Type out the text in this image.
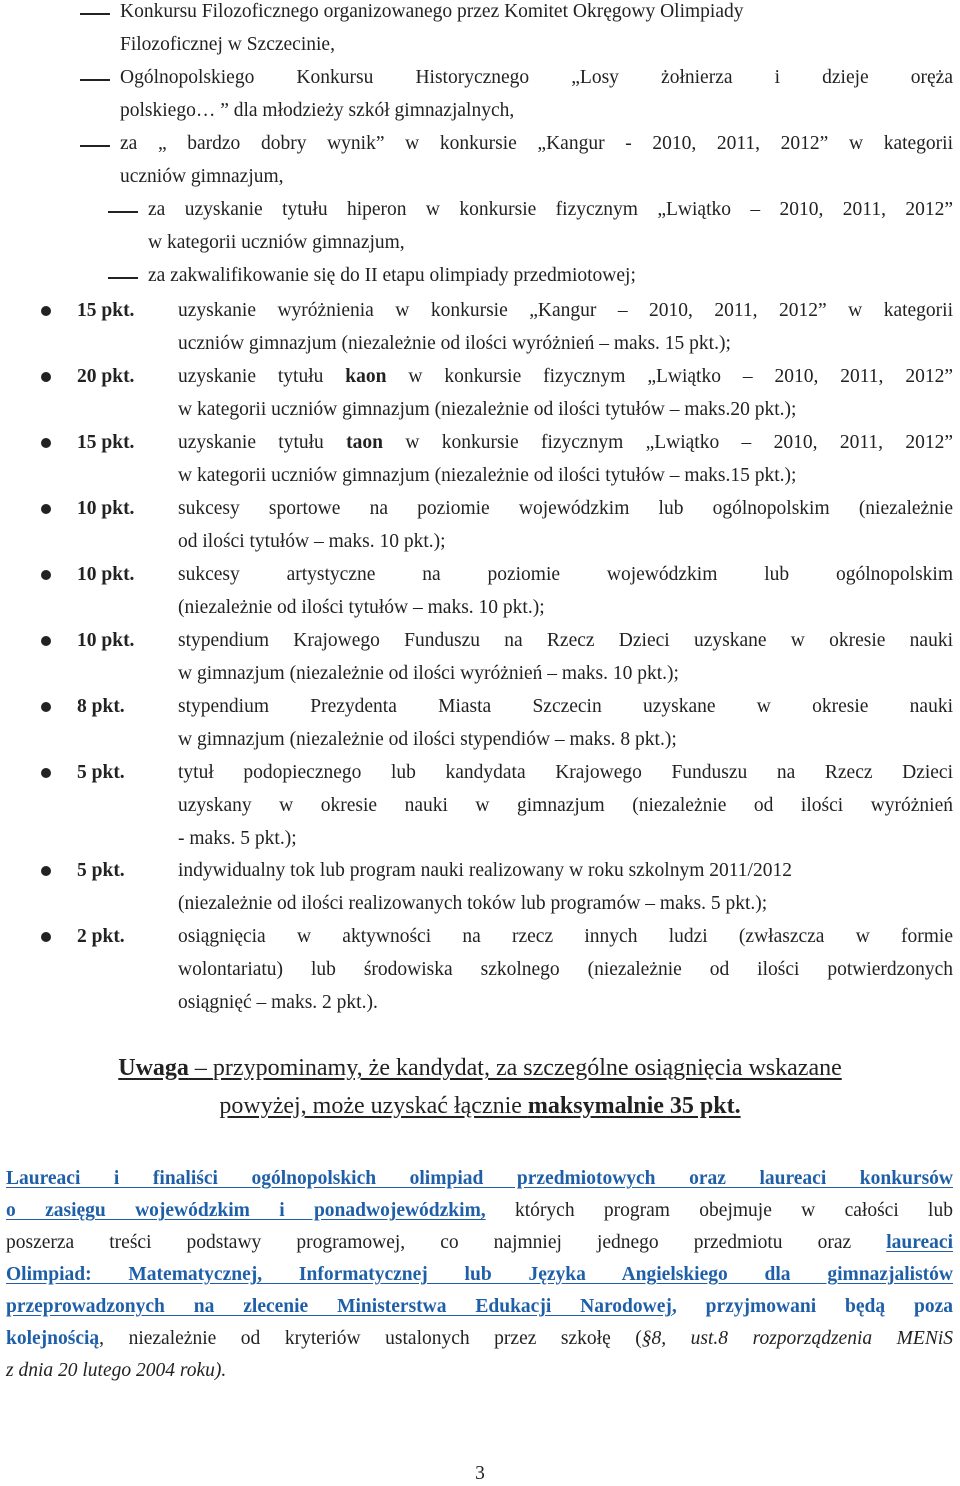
Konkursu Filozoficznego organizowanego przez Komitet Okręgowy Olimpiady
Filozoficznej w Szczecinie,
Ogólnopolskiego Konkursu Historycznego „Losy żołnierza i dzieje oręża
polskiego… ” dla młodzieży szkół gimnazjalnych,
za „ bardzo dobry wynik” w konkursie „Kangur - 2010, 2011, 2012” w kategorii
uczniów gimnazjum,
za uzyskanie tytułu hiperon w konkursie fizycznym „Lwiątko – 2010, 2011, 2012”
w kategorii uczniów gimnazjum,
za zakwalifikowanie się do II etapu olimpiady przedmiotowej;
15 pkt. uzyskanie wyróżnienia w konkursie „Kangur – 2010, 2011, 2012” w kategorii
uczniów gimnazjum (niezależnie od ilości wyróżnień – maks. 15 pkt.);
20 pkt. uzyskanie tytułu kaon w konkursie fizycznym „Lwiątko – 2010, 2011, 2012”
w kategorii uczniów gimnazjum (niezależnie od ilości tytułów – maks.20 pkt.);
15 pkt. uzyskanie tytułu taon w konkursie fizycznym „Lwiątko – 2010, 2011, 2012”
w kategorii uczniów gimnazjum (niezależnie od ilości tytułów – maks.15 pkt.);
10 pkt. sukcesy sportowe na poziomie wojewódzkim lub ogólnopolskim (niezależnie
od ilości tytułów – maks. 10 pkt.);
10 pkt. sukcesy artystyczne na poziomie wojewódzkim lub ogólnopolskim
(niezależnie od ilości tytułów – maks. 10 pkt.);
10 pkt. stypendium Krajowego Funduszu na Rzecz Dzieci uzyskane w okresie nauki
w gimnazjum (niezależnie od ilości wyróżnień – maks. 10 pkt.);
8 pkt.	stypendium Prezydenta Miasta Szczecin uzyskane w okresie nauki
w gimnazjum (niezależnie od ilości stypendiów – maks. 8 pkt.);
5 pkt.	tytuł podopiecznego lub kandydata Krajowego Funduszu na Rzecz Dzieci
uzyskany w okresie nauki w gimnazjum (niezależnie od ilości wyróżnień
- maks. 5 pkt.);
5 pkt.	indywidualny tok lub program nauki realizowany w roku szkolnym 2011/2012
(niezależnie od ilości realizowanych toków lub programów – maks. 5 pkt.);
2 pkt.	osiągnięcia w aktywności na rzecz innych ludzi (zwłaszcza w formie
wolontariatu) lub środowiska szkolnego (niezależnie od ilości potwierdzonych
osiągnięć – maks. 2 pkt.).
Uwaga – przypominamy, że kandydat, za szczególne osiągnięcia wskazane
powyżej, może uzyskać łącznie maksymalnie 35 pkt.
Laureaci i finaliści ogólnopolskich olimpiad przedmiotowych oraz laureaci konkursów
o zasięgu wojewódzkim i ponadwojewódzkim, których program obejmuje w całości lub
poszerza treści podstawy programowej, co najmniej jednego przedmiotu oraz laureaci
Olimpiad: Matematycznej, Informatycznej lub Języka Angielskiego dla gimnazjalistów
przeprowadzonych na zlecenie Ministerstwa Edukacji Narodowej, przyjmowani będą poza
kolejnością, niezależnie od kryteriów ustalonych przez szkołę (§8, ust.8 rozporządzenia MENiS
z dnia 20 lutego 2004 roku).
3
